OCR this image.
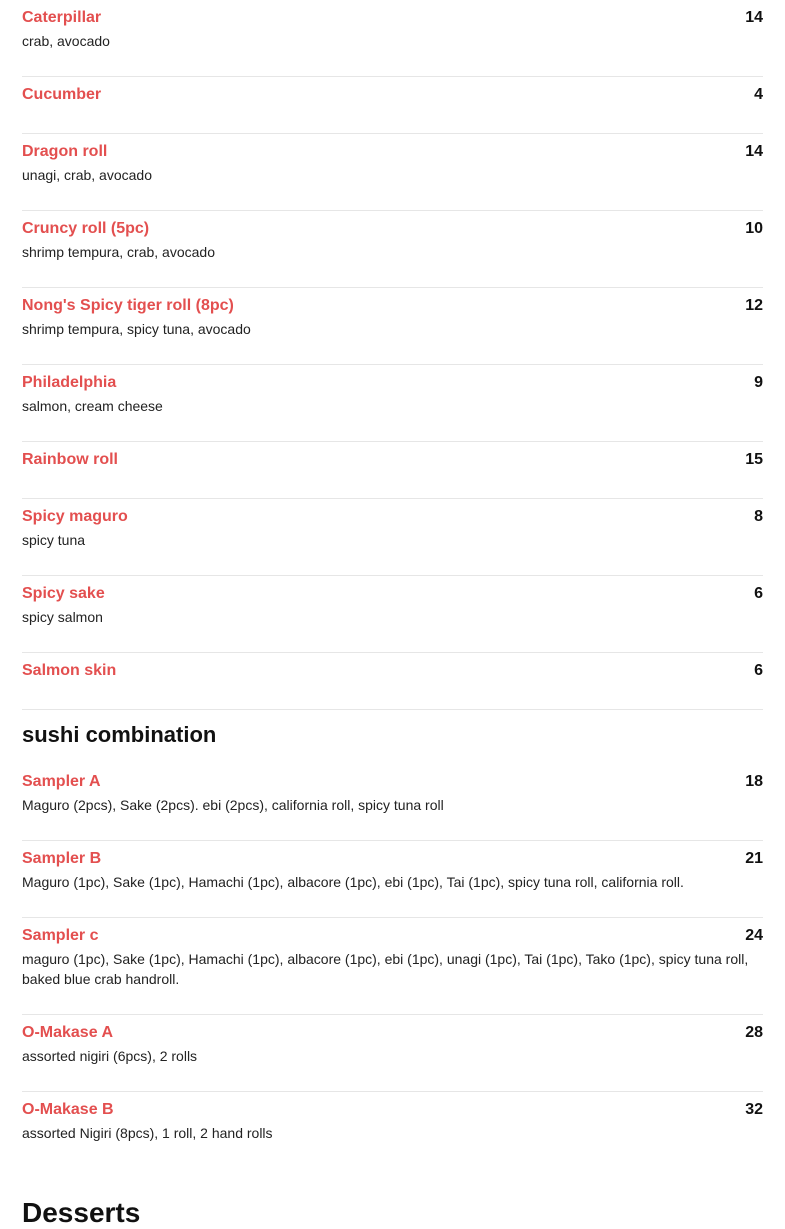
Caterpillar	14
crab, avocado
Cucumber	4
Dragon roll	14
unagi, crab, avocado
Cruncy roll (5pc)	10
shrimp tempura, crab, avocado
Nong's Spicy tiger roll (8pc)	12
shrimp tempura, spicy tuna, avocado
Philadelphia	9
salmon, cream cheese
Rainbow roll	15
Spicy maguro	8
spicy tuna
Spicy sake	6
spicy salmon
Salmon skin	6
sushi combination
Sampler A	18
Maguro (2pcs), Sake (2pcs). ebi (2pcs), california roll, spicy tuna roll
Sampler B	21
Maguro (1pc), Sake (1pc), Hamachi (1pc), albacore (1pc), ebi (1pc), Tai (1pc), spicy tuna roll, california roll.
Sampler c	24
maguro (1pc), Sake (1pc), Hamachi (1pc), albacore (1pc), ebi (1pc), unagi (1pc), Tai (1pc), Tako (1pc), spicy tuna roll, baked blue crab handroll.
O-Makase A	28
assorted nigiri (6pcs), 2 rolls
O-Makase B	32
assorted Nigiri (8pcs), 1 roll, 2 hand rolls
Desserts
